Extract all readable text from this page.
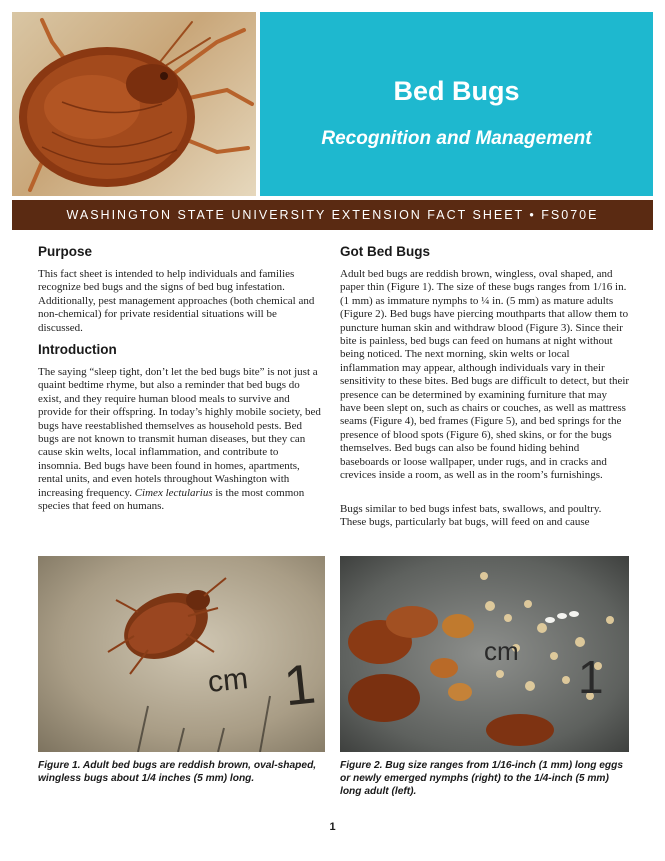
Bed Bugs
Recognition and Management
WASHINGTON STATE UNIVERSITY EXTENSION FACT SHEET • FS070E
Purpose

This fact sheet is intended to help individuals and families recognize bed bugs and the signs of bed bug infestation. Additionally, pest management approaches (both chemical and non-chemical) for private residential situations will be discussed.

Introduction

The saying “sleep tight, don’t let the bed bugs bite” is not just a quaint bedtime rhyme, but also a reminder that bed bugs do exist, and they require human blood meals to survive and provide for their offspring. In today’s highly mobile society, bed bugs have reestablished themselves as household pests. Bed bugs are not known to transmit human diseases, but they can cause skin welts, local inflammation, and contribute to insomnia. Bed bugs have been found in homes, apartments, rental units, and even hotels throughout Washington with increasing frequency. Cimex lectularius is the most common species that feed on humans.

Got Bed Bugs

Adult bed bugs are reddish brown, wingless, oval shaped, and paper thin (Figure 1). The size of these bugs ranges from 1/16 in. (1 mm) as immature nymphs to ¼ in. (5 mm) as mature adults (Figure 2). Bed bugs have piercing mouthparts that allow them to puncture human skin and withdraw blood (Figure 3). Since their bite is painless, bed bugs can feed on humans at night without being noticed. The next morning, skin welts or local inflammation may appear, although individuals vary in their sensitivity to these bites. Bed bugs are difficult to detect, but their presence can be determined by examining furniture that may have been slept on, such as chairs or couches, as well as mattress seams (Figure 4), bed frames (Figure 5), and bed springs for the presence of blood spots (Figure 6), shed skins, or for the bugs themselves. Bed bugs can also be found hiding behind baseboards or loose wallpaper, under rugs, and in cracks and crevices inside a room, as well as in the room’s furnishings.

Bugs similar to bed bugs infest bats, swallows, and poultry. These bugs, particularly bat bugs, will feed on and cause

cm 1
cm 1

Figure 1. Adult bed bugs are reddish brown, oval-shaped, wingless bugs about 1/4 inches (5 mm) long.

Figure 2. Bug size ranges from 1/16-inch (1 mm) long eggs or newly emerged nymphs (right) to the 1/4-inch (5 mm) long adult (left).

1
